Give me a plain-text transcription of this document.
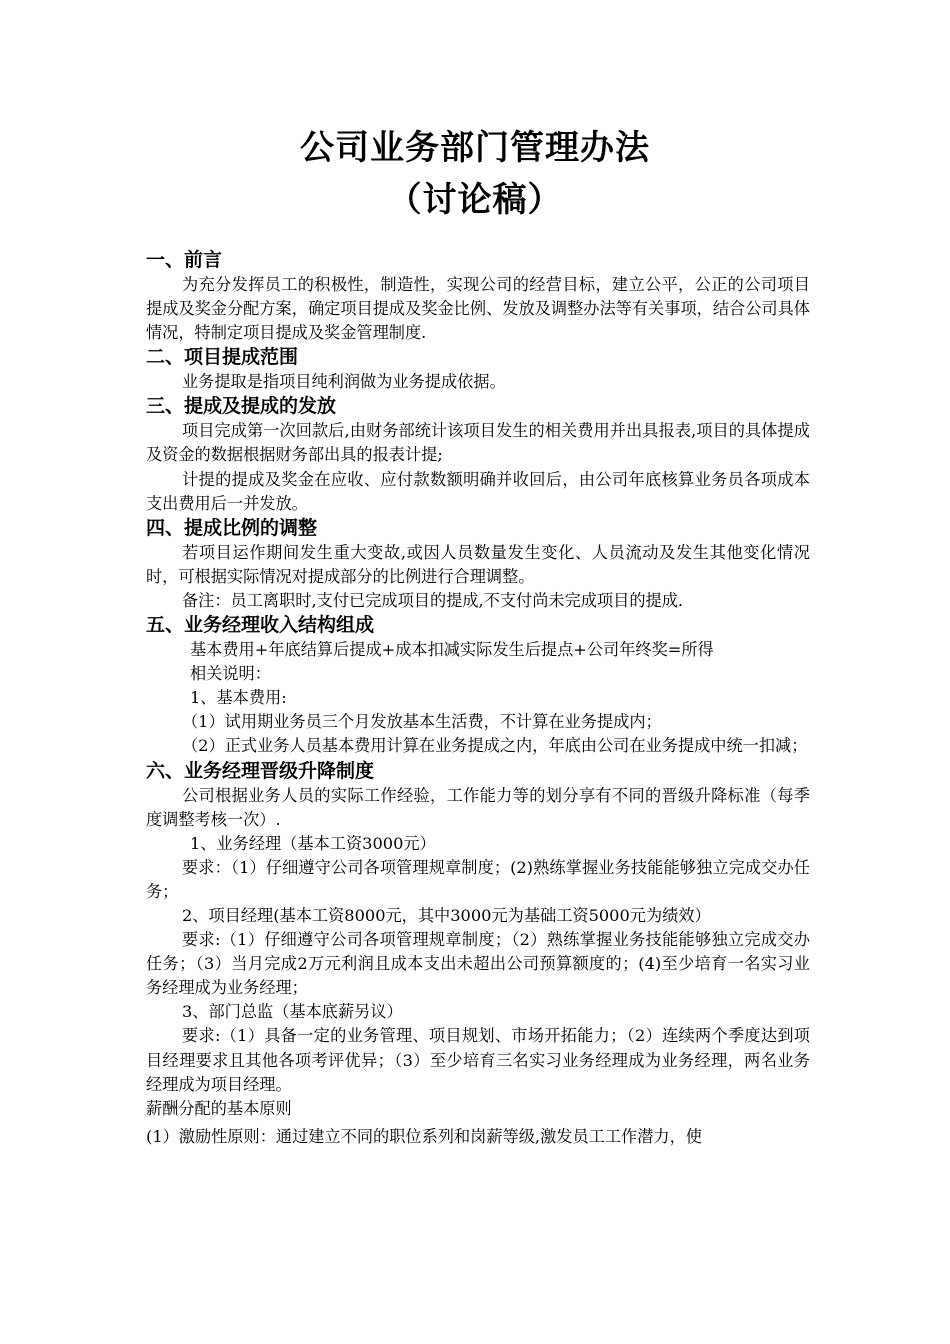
公司业务部门管理办法
（讨论稿）
一、前言
为充分发挥员工的积极性，制造性，实现公司的经营目标，建立公平，公正的公司项目提成及奖金分配方案，确定项目提成及奖金比例、发放及调整办法等有关事项，结合公司具体情况，特制定项目提成及奖金管理制度.
二、项目提成范围
业务提取是指项目纯利润做为业务提成依据。
三、提成及提成的发放
项目完成第一次回款后,由财务部统计该项目发生的相关费用并出具报表,项目的具体提成及资金的数据根据财务部出具的报表计提;
计提的提成及奖金在应收、应付款数额明确并收回后，由公司年底核算业务员各项成本支出费用后一并发放。
四、提成比例的调整
若项目运作期间发生重大变故,或因人员数量发生变化、人员流动及发生其他变化情况时，可根据实际情况对提成部分的比例进行合理调整。
备注：员工离职时,支付已完成项目的提成,不支付尚未完成项目的提成.
五、业务经理收入结构组成
基本费用+年底结算后提成+成本扣减实际发生后提点+公司年终奖=所得
相关说明：
1、基本费用:
（1）试用期业务员三个月发放基本生活费，不计算在业务提成内；
（2）正式业务人员基本费用计算在业务提成之内，年底由公司在业务提成中统一扣减；
六、业务经理晋级升降制度
公司根据业务人员的实际工作经验，工作能力等的划分享有不同的晋级升降标准（每季度调整考核一次）.
1、业务经理（基本工资3000元）
要求：（1）仔细遵守公司各项管理规章制度；(2)熟练掌握业务技能能够独立完成交办任务；
2、项目经理(基本工资8000元，其中3000元为基础工资5000元为绩效）
要求:（1）仔细遵守公司各项管理规章制度；（2）熟练掌握业务技能能够独立完成交办任务；（3）当月完成2万元利润且成本支出未超出公司预算额度的；(4)至少培育一名实习业务经理成为业务经理；
3、部门总监（基本底薪另议）
要求:（1）具备一定的业务管理、项目规划、市场开拓能力；（2）连续两个季度达到项目经理要求且其他各项考评优异；（3）至少培育三名实习业务经理成为业务经理，两名业务经理成为项目经理。
薪酬分配的基本原则
(1）激励性原则：通过建立不同的职位系列和岗薪等级,激发员工工作潜力，使
